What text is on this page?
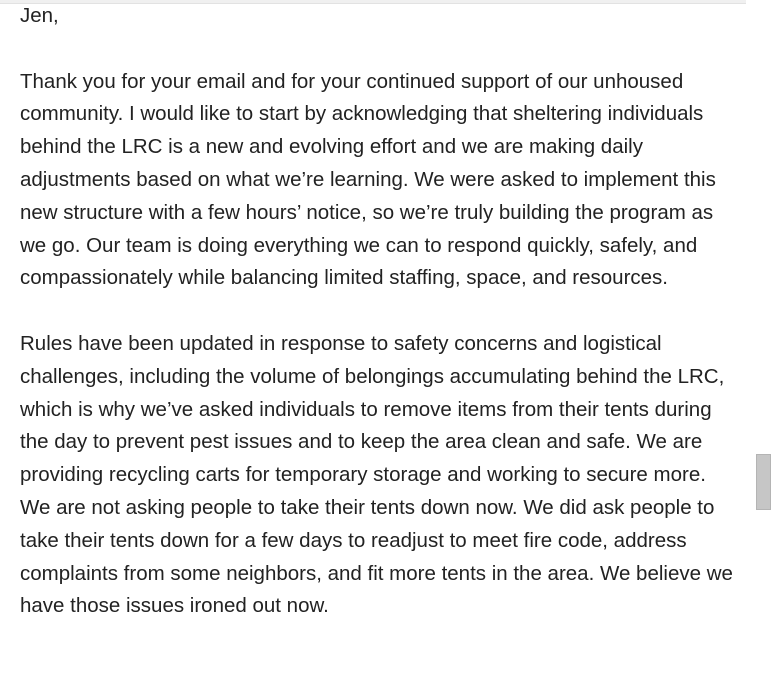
Jen,

Thank you for your email and for your continued support of our unhoused community. I would like to start by acknowledging that sheltering individuals behind the LRC is a new and evolving effort and we are making daily adjustments based on what we’re learning. We were asked to implement this new structure with a few hours’ notice, so we’re truly building the program as we go. Our team is doing everything we can to respond quickly, safely, and compassionately while balancing limited staffing, space, and resources.

Rules have been updated in response to safety concerns and logistical challenges, including the volume of belongings accumulating behind the LRC, which is why we’ve asked individuals to remove items from their tents during the day to prevent pest issues and to keep the area clean and safe. We are providing recycling carts for temporary storage and working to secure more. We are not asking people to take their tents down now. We did ask people to take their tents down for a few days to readjust to meet fire code, address complaints from some neighbors, and fit more tents in the area. We believe we have those issues ironed out now.
